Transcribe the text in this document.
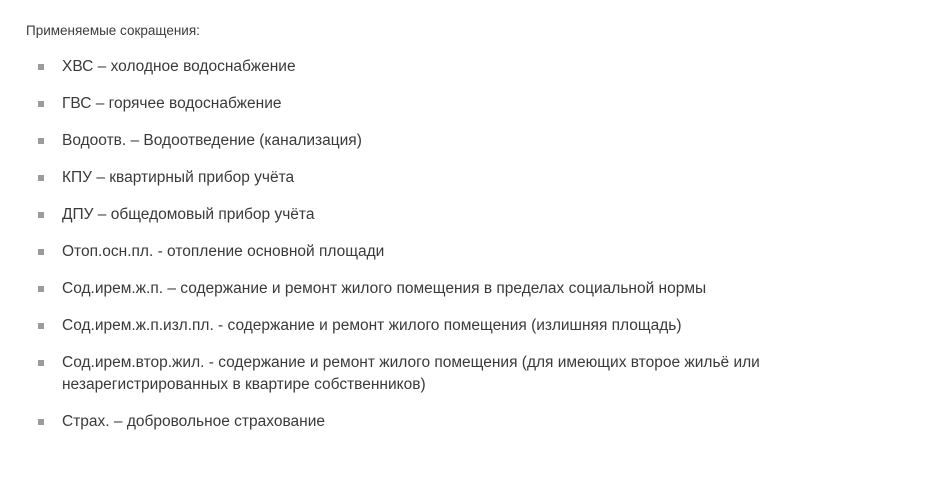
Применяемые сокращения:

ХВС – холодное водоснабжение
ГВС – горячее водоснабжение
Водоотв. – Водоотведение (канализация)
КПУ – квартирный прибор учёта
ДПУ – общедомовый прибор учёта
Отоп.осн.пл. - отопление основной площади
Сод.ирем.ж.п. – содержание и ремонт жилого помещения в пределах социальной нормы
Сод.ирем.ж.п.изл.пл. - содержание и ремонт жилого помещения (излишняя площадь)
Сод.ирем.втор.жил. - содержание и ремонт жилого помещения (для имеющих второе жильё или незарегистрированных в квартире собственников)
Страх. – добровольное страхование
